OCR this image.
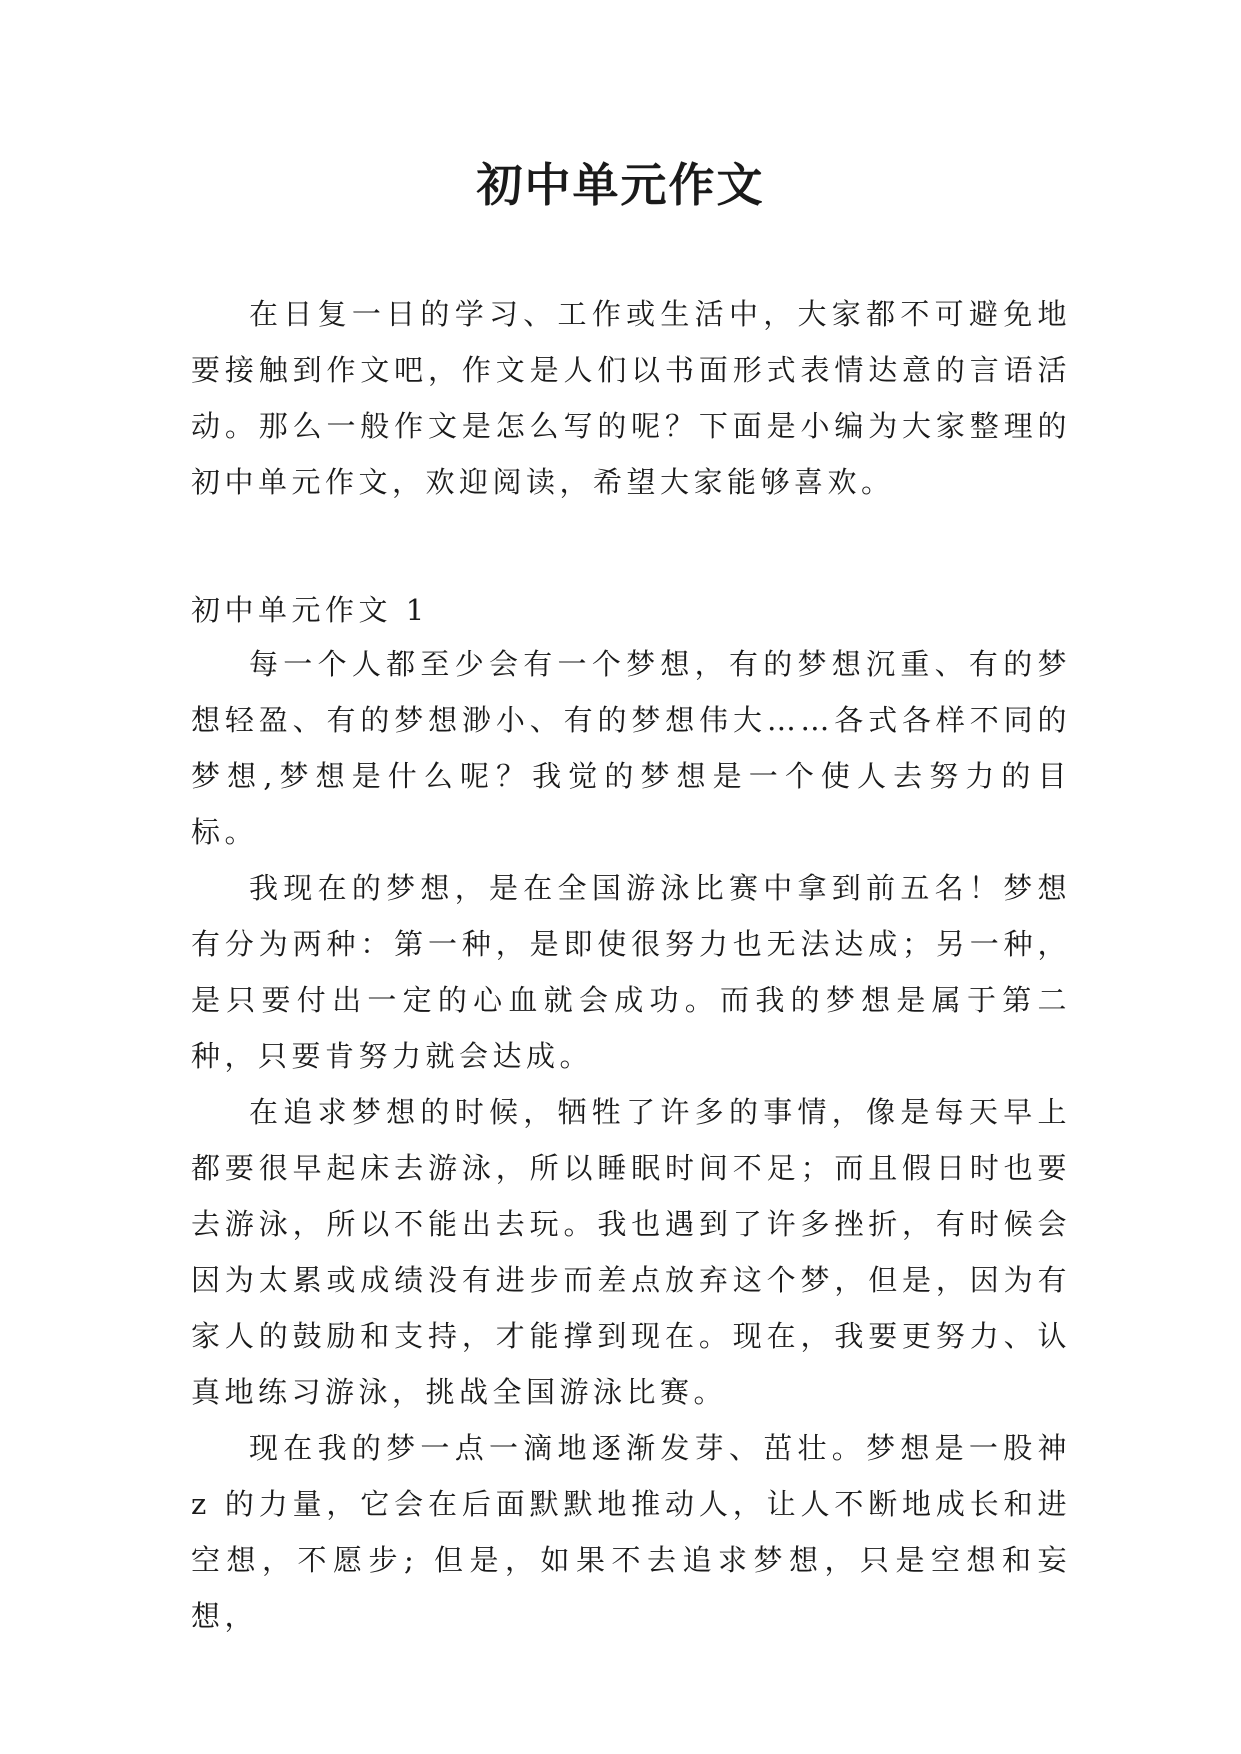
初中单元作文

在日复一日的学习、工作或生活中，大家都不可避免地要接触到作文吧，作文是人们以书面形式表情达意的言语活动。那么一般作文是怎么写的呢？下面是小编为大家整理的初中单元作文，欢迎阅读，希望大家能够喜欢。

初中单元作文 1

每一个人都至少会有一个梦想，有的梦想沉重、有的梦想轻盈、有的梦想渺小、有的梦想伟大……各式各样不同的梦想,梦想是什么呢？我觉的梦想是一个使人去努力的目标。

我现在的梦想，是在全国游泳比赛中拿到前五名！梦想有分为两种：第一种，是即使很努力也无法达成；另一种，是只要付出一定的心血就会成功。而我的梦想是属于第二种，只要肯努力就会达成。

在追求梦想的时候，牺牲了许多的事情，像是每天早上都要很早起床去游泳，所以睡眠时间不足；而且假日时也要去游泳，所以不能出去玩。我也遇到了许多挫折，有时候会因为太累或成绩没有进步而差点放弃这个梦，但是，因为有家人的鼓励和支持，才能撑到现在。现在，我要更努力、认真地练习游泳，挑战全国游泳比赛。

现在我的梦一点一滴地逐渐发芽、茁壮。梦想是一股神z 的力量，它会在后面默默地推动人，让人不断地成长和进空想，不愿步; 但是，如果不去追求梦想，只是空想和妄想，
